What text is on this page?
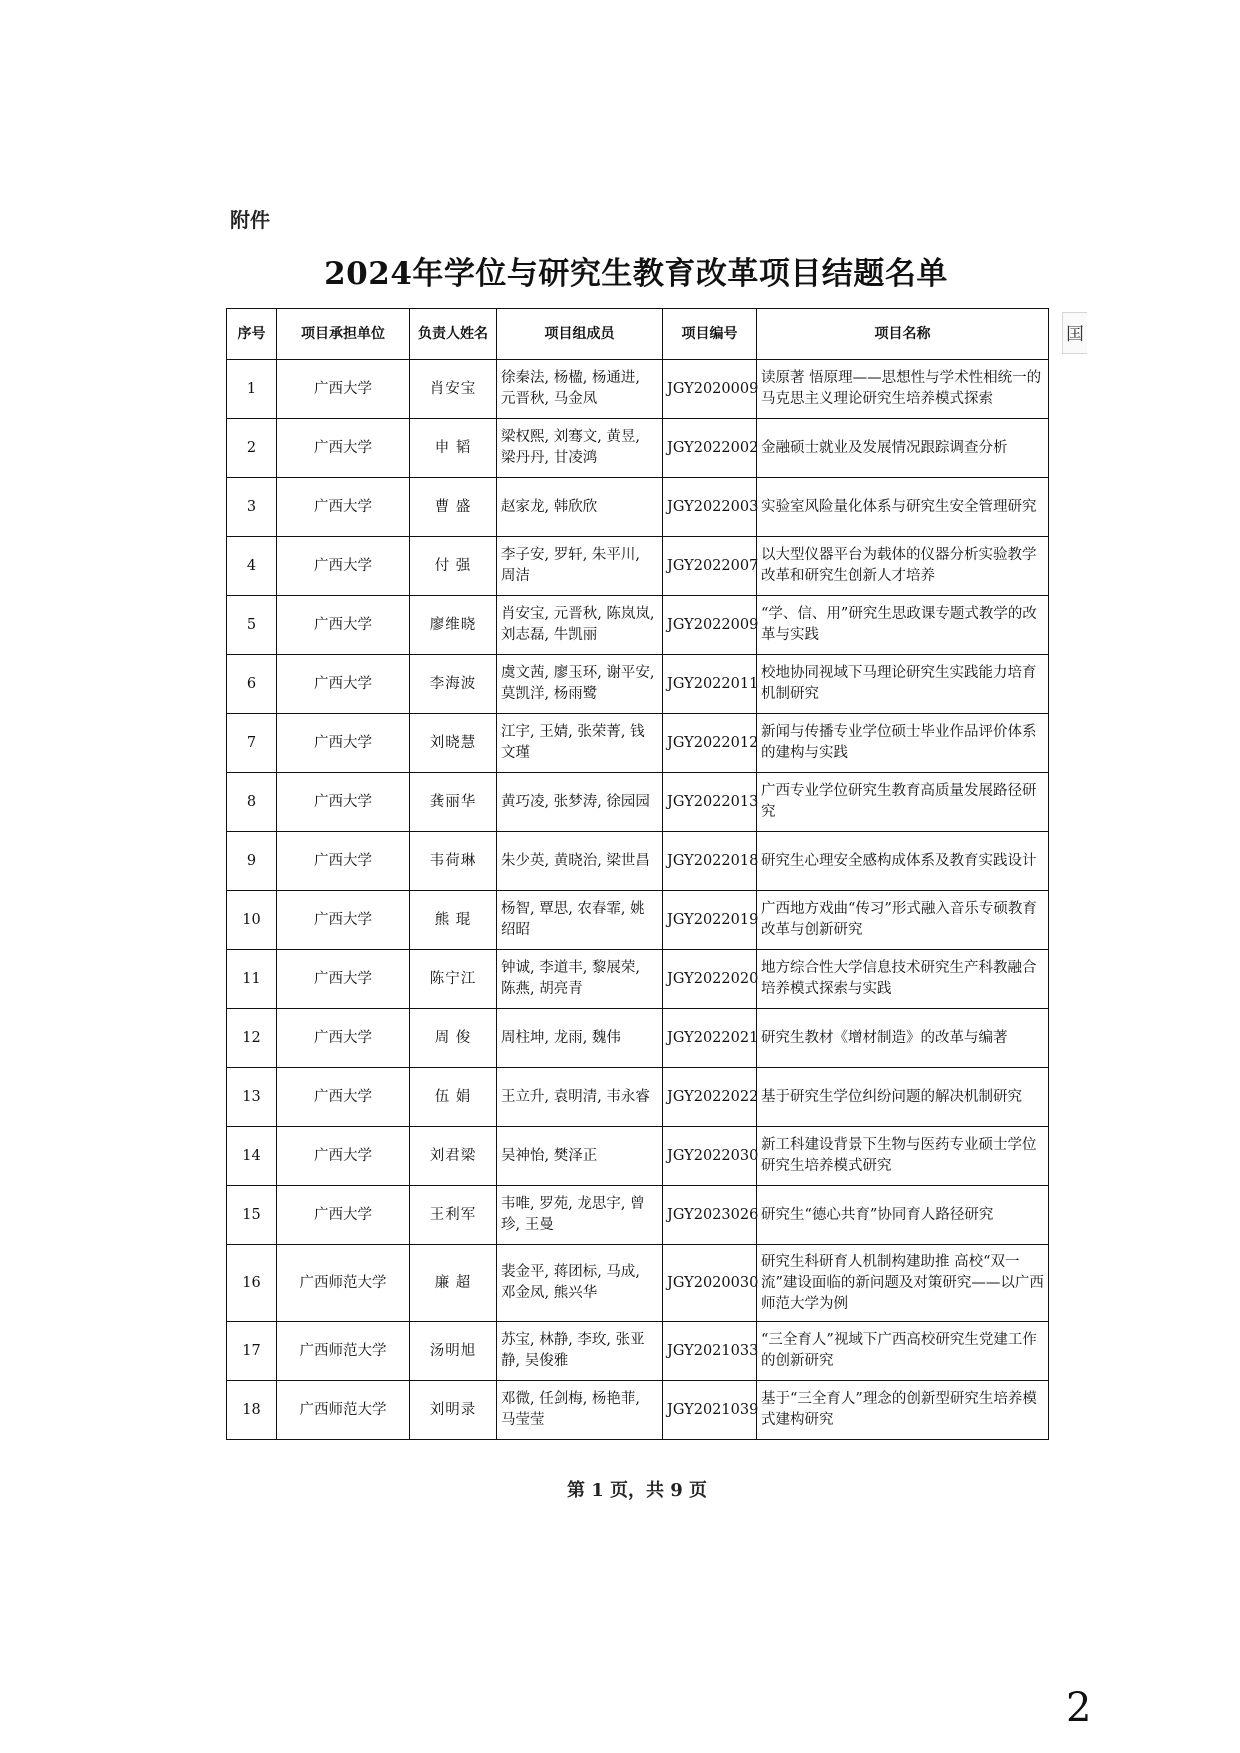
附件
2024年学位与研究生教育改革项目结题名单
囯
序号	项目承担单位	负责人姓名	项目组成员	项目编号	项目名称
1	广西大学	肖安宝	徐秦法, 杨楹, 杨通进, 元晋秋, 马金凤	JGY2020009	读原著 悟原理——思想性与学术性相统一的马克思主义理论研究生培养模式探索
2	广西大学	申 韬	梁权熙, 刘骞文, 黄昱, 梁丹丹, 甘凌鸿	JGY2022002	金融硕士就业及发展情况跟踪调查分析
3	广西大学	曹 盛	赵家龙, 韩欣欣	JGY2022003	实验室风险量化体系与研究生安全管理研究
4	广西大学	付 强	李子安, 罗轩, 朱平川, 周洁	JGY2022007	以大型仪器平台为载体的仪器分析实验教学改革和研究生创新人才培养
5	广西大学	廖维晓	肖安宝, 元晋秋, 陈岚岚, 刘志磊, 牛凯丽	JGY2022009	“学、信、用”研究生思政课专题式教学的改革与实践
6	广西大学	李海波	虞文茜, 廖玉环, 谢平安, 莫凯洋, 杨雨鹭	JGY2022011	校地协同视域下马理论研究生实践能力培育机制研究
7	广西大学	刘晓慧	江宇, 王婧, 张荣菁, 钱文瑾	JGY2022012	新闻与传播专业学位硕士毕业作品评价体系的建构与实践
8	广西大学	龚丽华	黄巧凌, 张梦涛, 徐园园	JGY2022013	广西专业学位研究生教育高质量发展路径研究
9	广西大学	韦荷琳	朱少英, 黄晓治, 梁世昌	JGY2022018	研究生心理安全感构成体系及教育实践设计
10	广西大学	熊 琨	杨智, 覃思, 农春霏, 姚绍昭	JGY2022019	广西地方戏曲“传习”形式融入音乐专硕教育改革与创新研究
11	广西大学	陈宁江	钟诚, 李道丰, 黎展荣, 陈燕, 胡亮青	JGY2022020	地方综合性大学信息技术研究生产科教融合培养模式探索与实践
12	广西大学	周 俊	周柱坤, 龙雨, 魏伟	JGY2022021	研究生教材《增材制造》的改革与编著
13	广西大学	伍 娟	王立升, 袁明清, 韦永睿	JGY2022022	基于研究生学位纠纷问题的解决机制研究
14	广西大学	刘君梁	吴神怡, 樊泽正	JGY2022030	新工科建设背景下生物与医药专业硕士学位研究生培养模式研究
15	广西大学	王利军	韦唯, 罗苑, 龙思宇, 曾珍, 王曼	JGY2023026	研究生“德心共育”协同育人路径研究
16	广西师范大学	廉 超	裴金平, 蒋团标, 马成, 邓金凤, 熊兴华	JGY2020030	研究生科研育人机制构建助推 高校“双一流”建设面临的新问题及对策研究——以广西师范大学为例
17	广西师范大学	汤明旭	苏宝, 林静, 李玫, 张亚静, 吴俊雅	JGY2021033	“三全育人”视域下广西高校研究生党建工作的创新研究
18	广西师范大学	刘明录	邓微, 任剑梅, 杨艳菲, 马莹莹	JGY2021039	基于“三全育人”理念的创新型研究生培养模式建构研究
第 1 页，共 9 页
2
